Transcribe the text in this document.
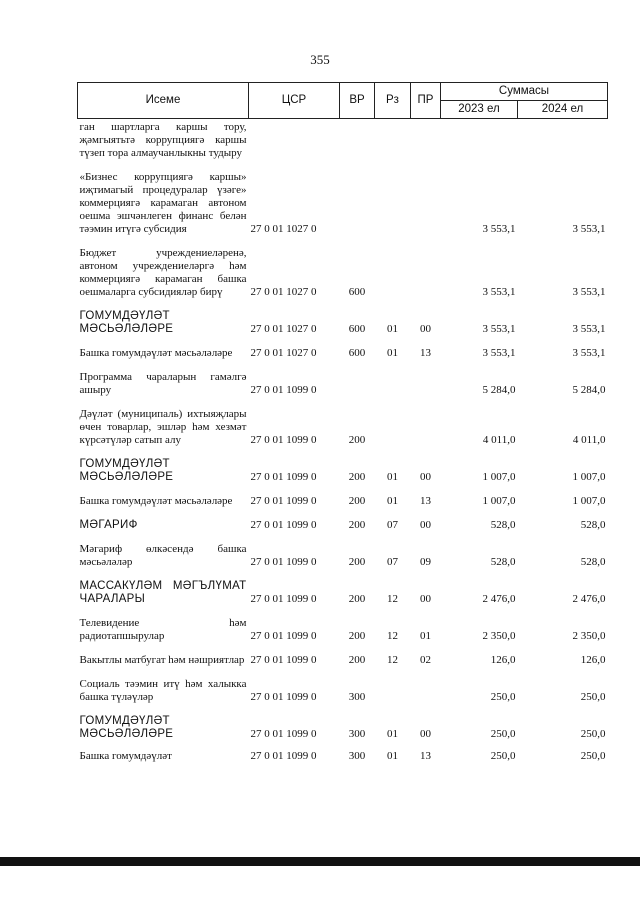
355
Исеме	ЦСР	ВР	Рз	ПР	Суммасы	
					2023 ел	2024 ел
ган шартларга каршы тору, җәмгыятьтә коррупциягә каршы түзеп тора алмаучанлыкны тудыру						
«Бизнес коррупциягә каршы» иҗтимагый процедуралар үзәге» коммерциягә карамаган автоном оешма эшчәнлеген финанс белән тәэмин итүгә субсидия	27 0 01 1027 0				3 553,1	3 553,1
Бюджет учреждениеләренә, автоном учреждениеләргә һәм коммерциягә карамаган башка оешмаларга субсидияләр бирү	27 0 01 1027 0	600			3 553,1	3 553,1
ГОМУМДӘҮЛӘТ МӘСЬӘЛӘЛӘРЕ	27 0 01 1027 0	600	01	00	3 553,1	3 553,1
Башка гомумдәүләт мәсьәләләре	27 0 01 1027 0	600	01	13	3 553,1	3 553,1
Программа чараларын гамәлгә ашыру	27 0 01 1099 0				5 284,0	5 284,0
Дәүләт (муниципаль) ихтыяҗлары өчен товарлар, эшләр һәм хезмәт күрсәтүләр сатып алу	27 0 01 1099 0	200			4 011,0	4 011,0
ГОМУМДӘҮЛӘТ МӘСЬӘЛӘЛӘРЕ	27 0 01 1099 0	200	01	00	1 007,0	1 007,0
Башка гомумдәүләт мәсьәләләре	27 0 01 1099 0	200	01	13	1 007,0	1 007,0
МӘГАРИФ	27 0 01 1099 0	200	07	00	528,0	528,0
Мәгариф өлкәсендә башка мәсьәләләр	27 0 01 1099 0	200	07	09	528,0	528,0
МАССАКҮЛӘМ МӘГЪЛҮМАТ ЧАРАЛАРЫ	27 0 01 1099 0	200	12	00	2 476,0	2 476,0
Телевидение һәм радиотапшырулар	27 0 01 1099 0	200	12	01	2 350,0	2 350,0
Вакытлы матбугат һәм нәшриятлар	27 0 01 1099 0	200	12	02	126,0	126,0
Социаль тәэмин итү һәм халыкка башка түләүләр	27 0 01 1099 0	300			250,0	250,0
ГОМУМДӘҮЛӘТ МӘСЬӘЛӘЛӘРЕ	27 0 01 1099 0	300	01	00	250,0	250,0
Башка гомумдәүләт	27 0 01 1099 0	300	01	13	250,0	250,0
